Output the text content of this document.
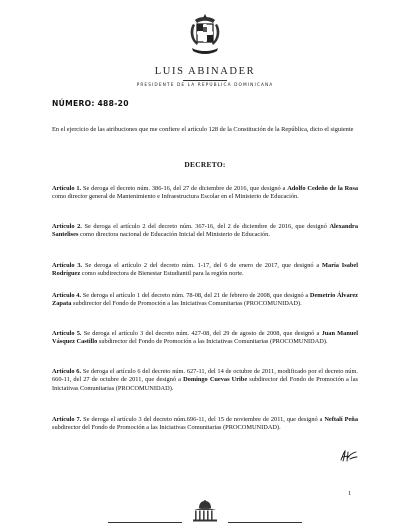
LUIS ABINADER
PRESIDENTE DE LA REPÚBLICA DOMINICANA
NÚMERO: 488-20
En el ejercicio de las atribuciones que me confiere el artículo 128 de la Constitución de la República, dicto el siguiente
DECRETO:
Artículo 1. Se deroga el decreto núm. 386-16, del 27 de diciembre de 2016, que designó a Adolfo Cedeño de la Rosa como director general de Mantenimiento e Infraestructura Escolar en el Ministerio de Educación.
Artículo 2. Se deroga el artículo 2 del decreto núm. 367-16, del 2 de diciembre de 2016, que designó Alexandra Santelises como directora nacional de Educación Inicial del Ministerio de Educación.
Artículo 3. Se deroga el artículo 2 del decreto núm. 1-17, del 6 de enero de 2017, que designó a María Isabel Rodríguez como subdirectora de Bienestar Estudiantil para la región norte.
Artículo 4. Se deroga el artículo 1 del decreto núm. 78-08, del 21 de febrero de 2008, que designó a Demetrio Álvarez Zapata subdirector del Fondo de Promoción a las Iniciativas Comunitarias (PROCOMUNIDAD).
Artículo 5. Se deroga el artículo 3 del decreto núm. 427-08, del 29 de agosto de 2008, que designó a Juan Manuel Vásquez Castillo subdirector del Fondo de Promoción a las Iniciativas Comunitarias (PROCOMUNIDAD).
Artículo 6. Se deroga el artículo 6 del decreto núm. 627-11, del 14 de octubre de 2011, modificado por el decreto núm. 660-11, del 27 de octubre de 2011, que designó a Domingo Cuevas Uribe subdirector del Fondo de Promoción a las Iniciativas Comunitarias (PROCOMUNIDAD).
Artículo 7. Se deroga el artículo 3 del decreto núm.696-11, del 15 de noviembre de 2011, que designó a Neftalí Peña subdirector del Fondo de Promoción a las Iniciativas Comunitarias (PROCOMUNIDAD).
1
